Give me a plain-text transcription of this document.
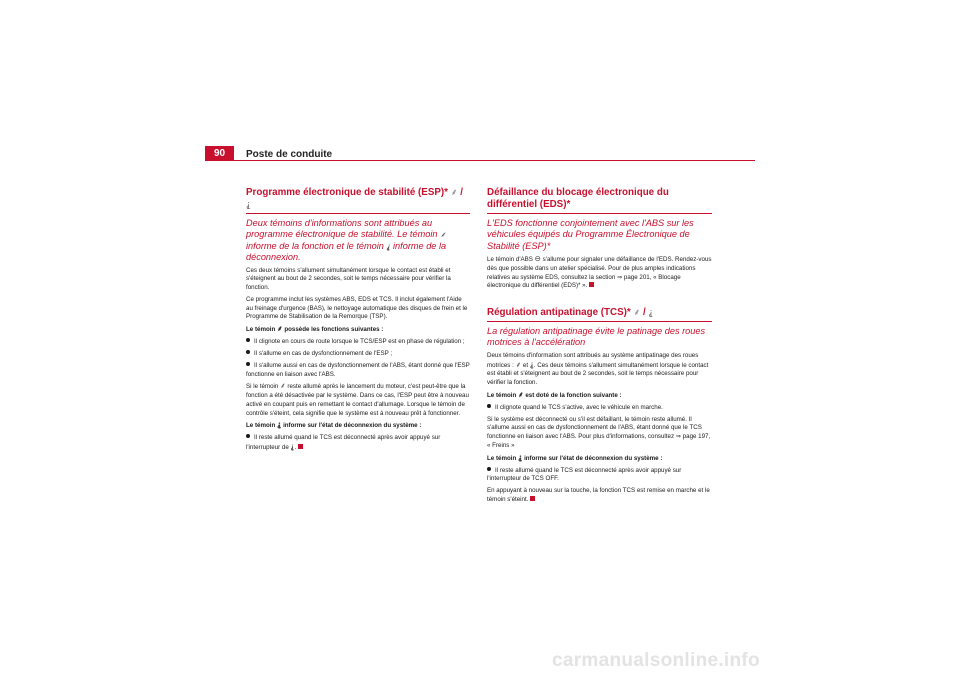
90	Poste de conduite
Programme électronique de stabilité (ESP)* ⸙ / ⸘
Deux témoins d'informations sont attribués au programme électronique de stabilité. Le témoin ⸙ informe de la fonction et le témoin ⸘ informe de la déconnexion.

Ces deux témoins s'allument simultanément lorsque le contact est établi et s'éteignent au bout de 2 secondes, soit le temps nécessaire pour vérifier la fonction.

Ce programme inclut les systèmes ABS, EDS et TCS. Il inclut également l'Aide au freinage d'urgence (BAS), le nettoyage automatique des disques de frein et le Programme de Stabilisation de la Remorque (TSP).

Le témoin ⸙ possède les fonctions suivantes :

Il clignote en cours de route lorsque le TCS/ESP est en phase de régulation ;

Il s'allume en cas de dysfonctionnement de l'ESP ;

Il s'allume aussi en cas de dysfonctionnement de l'ABS, étant donné que l'ESP fonctionne en liaison avec l'ABS.

Si le témoin ⸙ reste allumé après le lancement du moteur, c'est peut-être que la fonction a été désactivée par le système. Dans ce cas, l'ESP peut être à nouveau activé en coupant puis en remettant le contact d'allumage. Lorsque le témoin de contrôle s'éteint, cela signifie que le système est à nouveau prêt à fonctionner.

Le témoin ⸘ informe sur l'état de déconnexion du système :

Il reste allumé quand le TCS est déconnecté après avoir appuyé sur l'interrupteur de ⸘.

Défaillance du blocage électronique du différentiel (EDS)*
L'EDS fonctionne conjointement avec l'ABS sur les véhicules équipés du Programme Électronique de Stabilité (ESP)*

Le témoin d'ABS ⊖ s'allume pour signaler une défaillance de l'EDS. Rendez-vous dès que possible dans un atelier spécialisé. Pour de plus amples indications relatives au système EDS, consultez la section ⇒ page 201, « Blocage électronique du différentiel (EDS)* ».

Régulation antipatinage (TCS)* ⸙ / ⸘
La régulation antipatinage évite le patinage des roues motrices à l'accélération

Deux témoins d'information sont attribués au système antipatinage des roues motrices : ⸙ et ⸘. Ces deux témoins s'allument simultanément lorsque le contact est établi et s'éteignent au bout de 2 secondes, soit le temps nécessaire pour vérifier la fonction.

Le témoin ⸙ est doté de la fonction suivante :

Il clignote quand le TCS s'active, avec le véhicule en marche.

Si le système est déconnecté ou s'il est défaillant, le témoin reste allumé. Il s'allume aussi en cas de dysfonctionnement de l'ABS, étant donné que le TCS fonctionne en liaison avec l'ABS. Pour plus d'informations, consultez ⇒ page 197, « Freins »

Le témoin ⸘ informe sur l'état de déconnexion du système :

Il reste allumé quand le TCS est déconnecté après avoir appuyé sur l'interrupteur de TCS OFF.

En appuyant à nouveau sur la touche, la fonction TCS est remise en marche et le témoin s'éteint.

carmanualsonline.info
